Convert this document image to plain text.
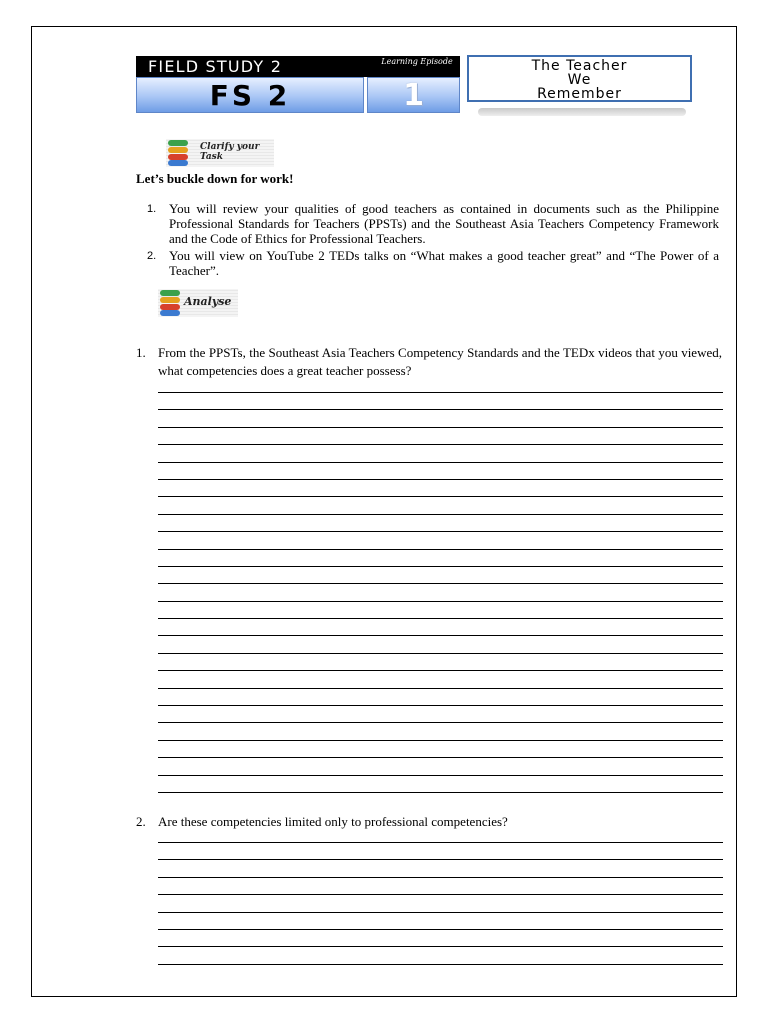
FIELD STUDY 2	Learning Episode
FS 2	1
The Teacher
We
Remember
Clarify your Task
Let’s buckle down for work!
1. You will review your qualities of good teachers as contained in documents such as the Philippine Professional Standards for Teachers (PPSTs) and the Southeast Asia Teachers Competency Framework and the Code of Ethics for Professional Teachers.
2. You will view on YouTube 2 TEDs talks on “What makes a good teacher great” and “The Power of a Teacher”.
Analyse
1. From the PPSTs, the Southeast Asia Teachers Competency Standards and the TEDx videos that you viewed, what competencies does a great teacher possess?
2. Are these competencies limited only to professional competencies?
